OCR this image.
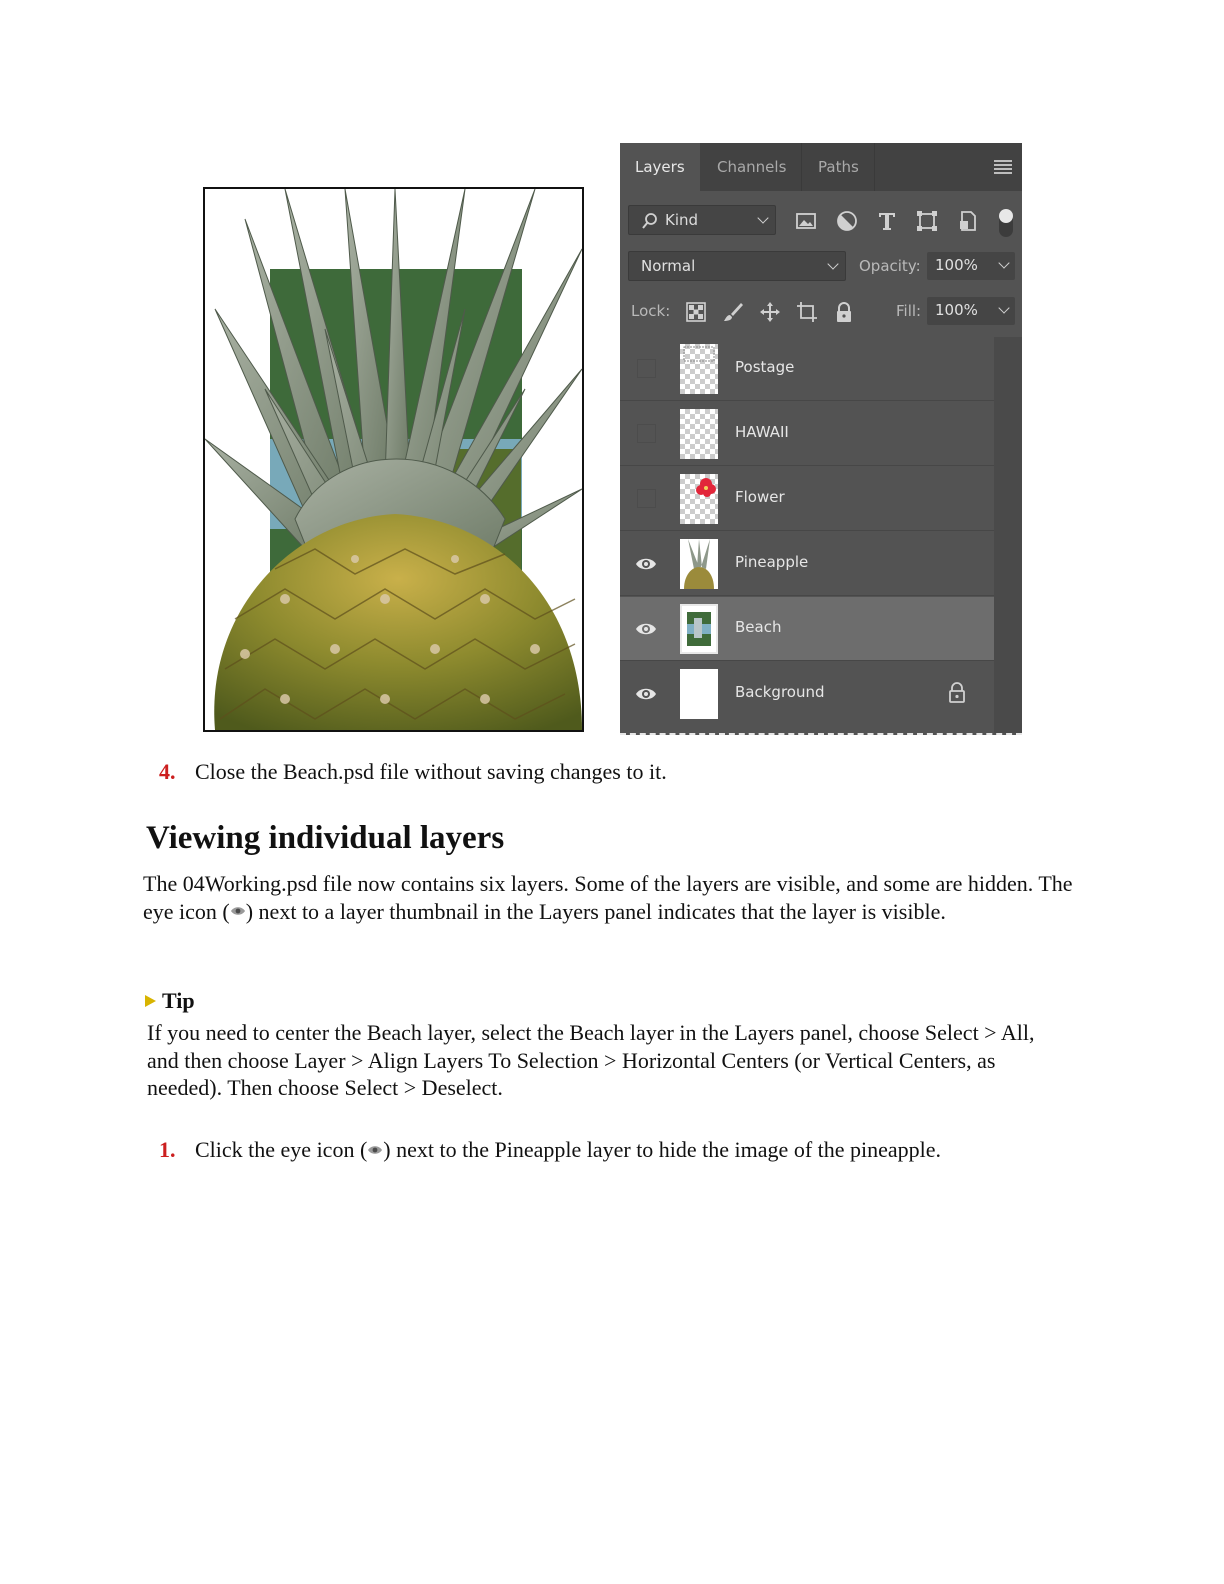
Layers	Channels	Paths
Kind
Normal	Opacity: 100%
Lock:	Fill: 100%
Postage
HAWAII
Flower
Pineapple
Beach
Background
4. Close the Beach.psd file without saving changes to it.
Viewing individual layers

The 04Working.psd file now contains six layers. Some of the layers are visible, and some are hidden. The eye icon ( ) next to a layer thumbnail in the Layers panel indicates that the layer is visible.

Tip

If you need to center the Beach layer, select the Beach layer in the Layers panel, choose Select > All, and then choose Layer > Align Layers To Selection > Horizontal Centers (or Vertical Centers, as needed). Then choose Select > Deselect.

1. Click the eye icon ( ) next to the Pineapple layer to hide the image of the pineapple.
